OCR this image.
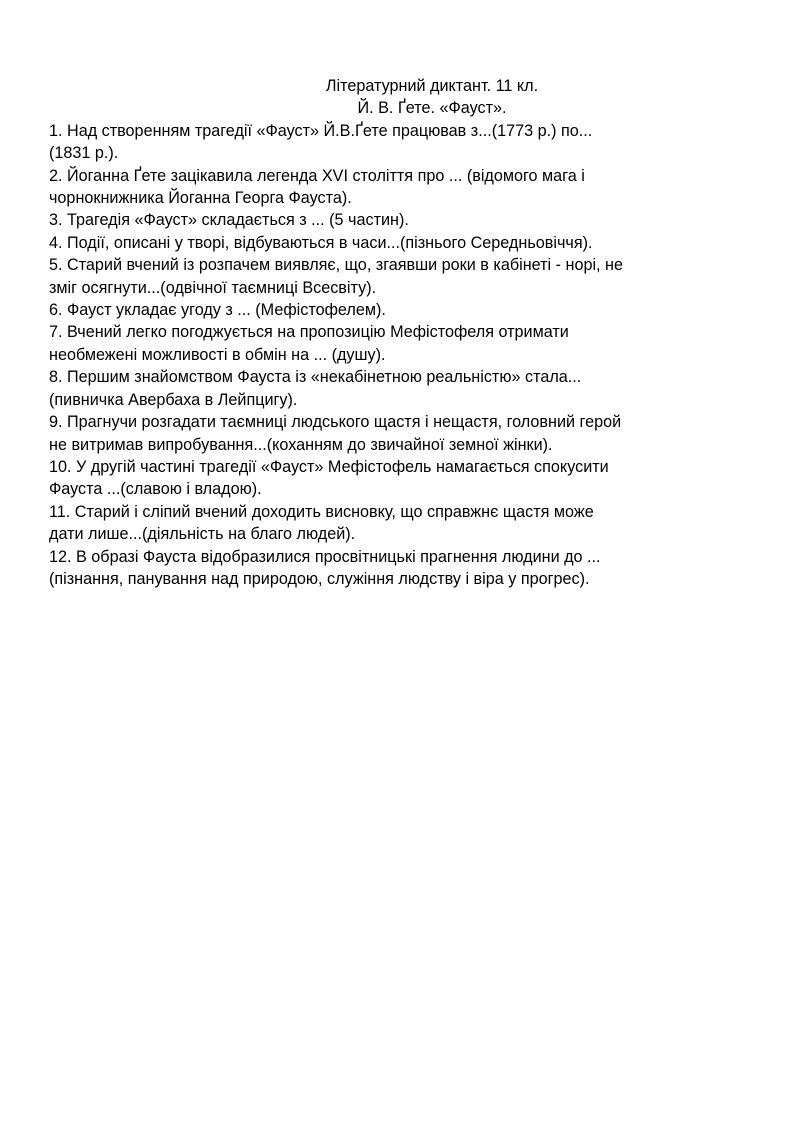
Літературний диктант. 11 кл.
Й. В. Ґете. «Фауст».
1. Над створенням трагедії «Фауст» Й.В.Ґете працював з...(1773 р.) по...
(1831 р.).
2. Йоганна Ґете зацікавила легенда XVI століття про ... (відомого мага і
чорнокнижника Йоганна Георга Фауста).
3. Трагедія «Фауст» складається з ... (5 частин).
4. Події, описані у творі, відбуваються в часи...(пізнього Середньовіччя).
5. Старий вчений із розпачем виявляє, що, згаявши роки в кабінеті - норі, не
зміг осягнути...(одвічної таємниці Всесвіту).
6. Фауст укладає угоду з ... (Мефістофелем).
7. Вчений легко погоджується на пропозицію Мефістофеля отримати
необмежені можливості в обмін на ... (душу).
8. Першим знайомством Фауста із «некабінетною реальністю» стала...
(пивничка Авербаха в Лейпцигу).
9. Прагнучи розгадати таємниці людського щастя і нещастя, головний герой
не витримав випробування...(коханням до звичайної земної жінки).
10. У другій частині трагедії «Фауст» Мефістофель намагається спокусити
Фауста ...(славою і владою).
11. Старий і сліпий вчений доходить висновку, що справжнє щастя може
дати лише...(діяльність на благо людей).
12. В образі Фауста відобразилися просвітницькі прагнення людини до ...
(пізнання, панування над природою, служіння людству і віра у прогрес).
